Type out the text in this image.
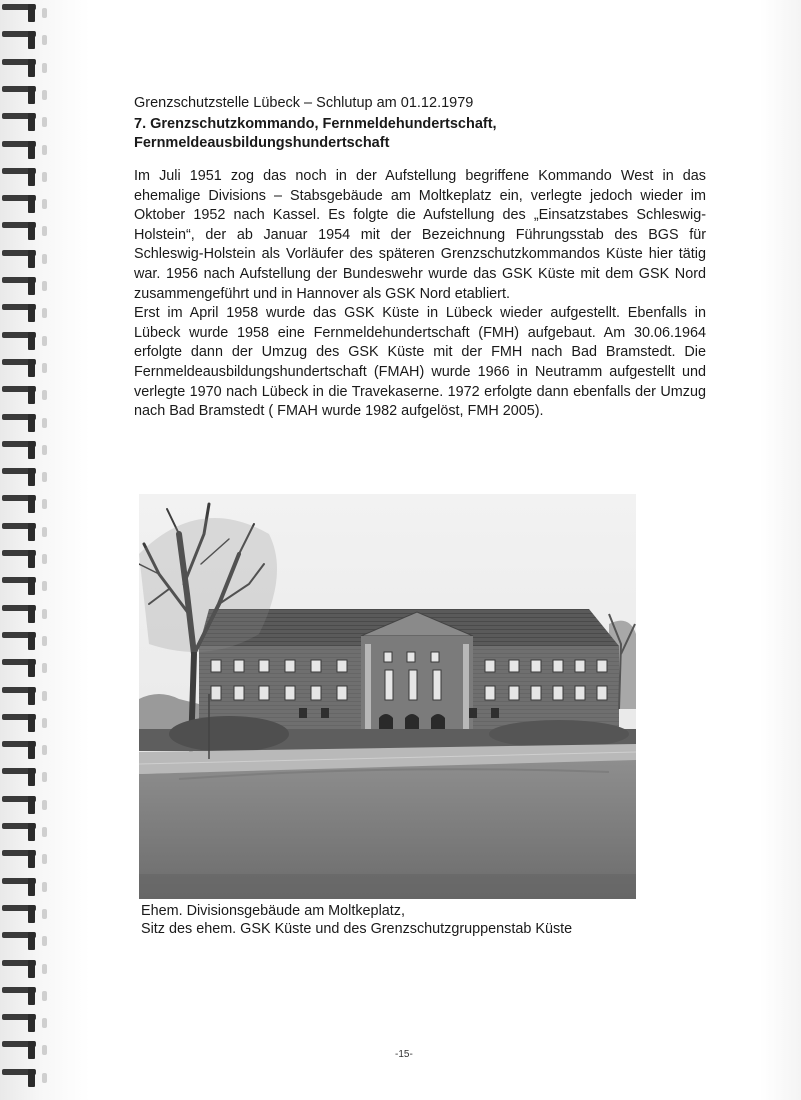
Grenzschutzstelle Lübeck – Schlutup am 01.12.1979
7. Grenzschutzkommando, Fernmeldehundertschaft,
Fernmeldeausbildungshundertschaft

Im Juli 1951 zog das noch in der Aufstellung begriffene Kommando West in das ehemalige Divisions – Stabsgebäude am Moltkeplatz ein, verlegte jedoch wieder im Oktober 1952 nach Kassel. Es folgte die Aufstellung des „Einsatzstabes Schleswig-Holstein“, der ab Januar 1954 mit der Bezeichnung Führungsstab des BGS für Schleswig-Holstein als Vorläufer des späteren Grenzschutzkommandos Küste hier tätig war. 1956 nach Aufstellung der Bundeswehr wurde das GSK Küste mit dem GSK Nord zusammengeführt und in Hannover als GSK Nord etabliert.

Erst im April 1958 wurde das GSK Küste in Lübeck wieder aufgestellt. Ebenfalls in Lübeck wurde 1958 eine Fernmeldehundertschaft (FMH) aufgebaut. Am 30.06.1964 erfolgte dann der Umzug des GSK Küste mit der FMH nach Bad Bramstedt. Die Fernmeldeausbildungshundertschaft (FMAH) wurde 1966 in Neutramm aufgestellt und verlegte 1970 nach Lübeck in die Travekaserne. 1972 erfolgte dann ebenfalls der Umzug nach Bad Bramstedt ( FMAH wurde 1982 aufgelöst, FMH 2005).

Ehem. Divisionsgebäude am Moltkeplatz,
Sitz des ehem. GSK Küste und des Grenzschutzgruppenstab Küste
-15-
